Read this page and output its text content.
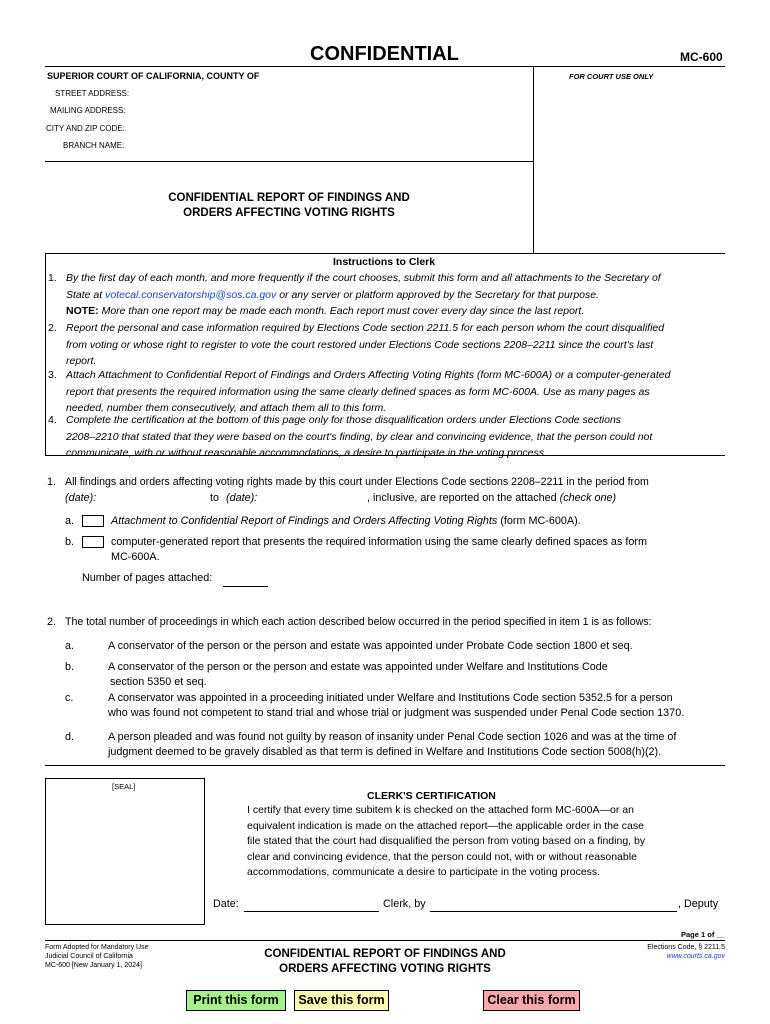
CONFIDENTIAL	MC-600
SUPERIOR COURT OF CALIFORNIA, COUNTY OF	FOR COURT USE ONLY
STREET ADDRESS:
MAILING ADDRESS:
CITY AND ZIP CODE:
BRANCH NAME:
CONFIDENTIAL REPORT OF FINDINGS AND
ORDERS AFFECTING VOTING RIGHTS
Instructions to Clerk
1. By the first day of each month, and more frequently if the court chooses, submit this form and all attachments to the Secretary of
State at votecal.conservatorship@sos.ca.gov or any server or platform approved by the Secretary for that purpose.
NOTE: More than one report may be made each month. Each report must cover every day since the last report.
2. Report the personal and case information required by Elections Code section 2211.5 for each person whom the court disqualified
from voting or whose right to register to vote the court restored under Elections Code sections 2208–2211 since the court's last
report.
3. Attach Attachment to Confidential Report of Findings and Orders Affecting Voting Rights (form MC-600A) or a computer-generated
report that presents the required information using the same clearly defined spaces as form MC-600A. Use as many pages as
needed, number them consecutively, and attach them all to this form.
4. Complete the certification at the bottom of this page only for those disqualification orders under Elections Code sections
2208–2210 that stated that they were based on the court's finding, by clear and convincing evidence, that the person could not
communicate, with or without reasonable accommodations, a desire to participate in the voting process.
1. All findings and orders affecting voting rights made by this court under Elections Code sections 2208–2211 in the period from
(date):	to (date):	, inclusive, are reported on the attached (check one)
a.	Attachment to Confidential Report of Findings and Orders Affecting Voting Rights (form MC-600A).
b.	computer-generated report that presents the required information using the same clearly defined spaces as form
MC-600A.
Number of pages attached:
2. The total number of proceedings in which each action described below occurred in the period specified in item 1 is as follows:
a.	A conservator of the person or the person and estate was appointed under Probate Code section 1800 et seq.
b.	A conservator of the person or the person and estate was appointed under Welfare and Institutions Code
section 5350 et seq.
c.	A conservator was appointed in a proceeding initiated under Welfare and Institutions Code section 5352.5 for a person
who was found not competent to stand trial and whose trial or judgment was suspended under Penal Code section 1370.
d.	A person pleaded and was found not guilty by reason of insanity under Penal Code section 1026 and was at the time of
judgment deemed to be gravely disabled as that term is defined in Welfare and Institutions Code section 5008(h)(2).
[SEAL]
CLERK'S CERTIFICATION
I certify that every time subitem k is checked on the attached form MC-600A—or an
equivalent indication is made on the attached report—the applicable order in the case
file stated that the court had disqualified the person from voting based on a finding, by
clear and convincing evidence, that the person could not, with or without reasonable
accommodations, communicate a desire to participate in the voting process.
Date:	Clerk, by	, Deputy
Page 1 of __
Form Adopted for Mandatory Use
Judicial Council of California
MC-600 [New January 1, 2024]
CONFIDENTIAL REPORT OF FINDINGS AND
ORDERS AFFECTING VOTING RIGHTS
Elections Code, § 2211.5
www.courts.ca.gov
Print this form	Save this form	Clear this form
